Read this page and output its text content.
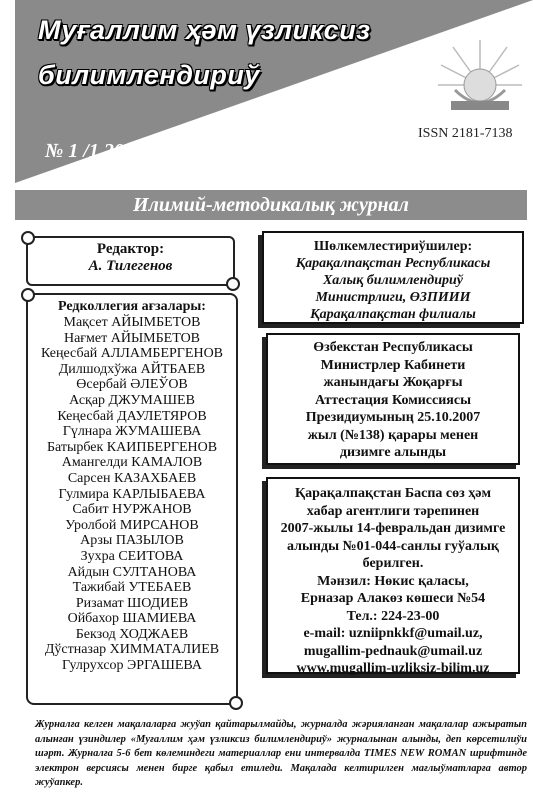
Муғаллим ҳәм үзликсиз
билимлендириў
№ 1 /1 2021 жыл
ISSN 2181-7138
Илимий-методикалық журнал
Редактор:
А. Тилегенов
Редколлегия ағзалары:
Мақсет АЙЫМБЕТОВ
Нағмет АЙЫМБЕТОВ
Кеңесбай АЛЛАМБЕРГЕНОВ
Дилшодхўжа АЙТБАЕВ
Өсербай ӘЛЕЎОВ
Асқар ДЖУМАШЕВ
Кеңесбай ДАУЛЕТЯРОВ
Гүлнара ЖУМАШЕВА
Батырбек КАИПБЕРГЕНОВ
Амангелди КАМАЛОВ
Сарсен КАЗАХБАЕВ
Гулмира КАРЛЫБАЕВА
Сабит НУРЖАНОВ
Уролбой МИРСАНОВ
Арзы ПАЗЫЛОВ
Зухра СЕИТОВА
Айдын СУЛТАНОВА
Тажибай УТЕБАЕВ
Ризамат ШОДИЕВ
Ойбахор ШАМИЕВА
Бекзод ХОДЖАЕВ
Дўстназар ХИММАТАЛИЕВ
Гулрухсор ЭРГАШЕВА
Шөлкемлестириўшилер:
Қарақалпақстан Республикасы
Халық билимлендириў
Министрлиги, ӨЗПИИИ
Қарақалпақстан филиалы
Өзбекстан Республикасы
Министрлер Кабинети
жанындағы Жоқарғы
Аттестация Комиссиясы
Президиумының 25.10.2007
жыл (№138) қарары менен
дизимге алынды
Қарақалпақстан Баспа сөз ҳәм
хабар агентлиги тәрепинен
2007-жылы 14-февральдан дизимге
алынды №01-044-санлы гуўалық
берилген.
Мәнзил: Нөкис қаласы,
Ерназар Алакөз көшеси №54
Тел.: 224-23-00
e-mail: uzniipnkkf@umail.uz,
mugallim-pednauk@umail.uz
www.mugallim-uzliksiz-bilim.uz
Журналға келген мақалаларға жуўап қайтарылмайды, журналда жәрияланған мақалалар ажыратып алынған үзиндилер «Муғаллим ҳәм үзликсиз билимлендириў» журналынан алынды, деп көрсетилиўи шәрт. Журналға 5-6 бет көлеминдеги материаллар ени интервалда TIMES NEW ROMAN шрифтинде электрон версиясы менен бирге қабыл етиледи. Мақалада келтирилген мағлыўматларға автор жуўапкер.
